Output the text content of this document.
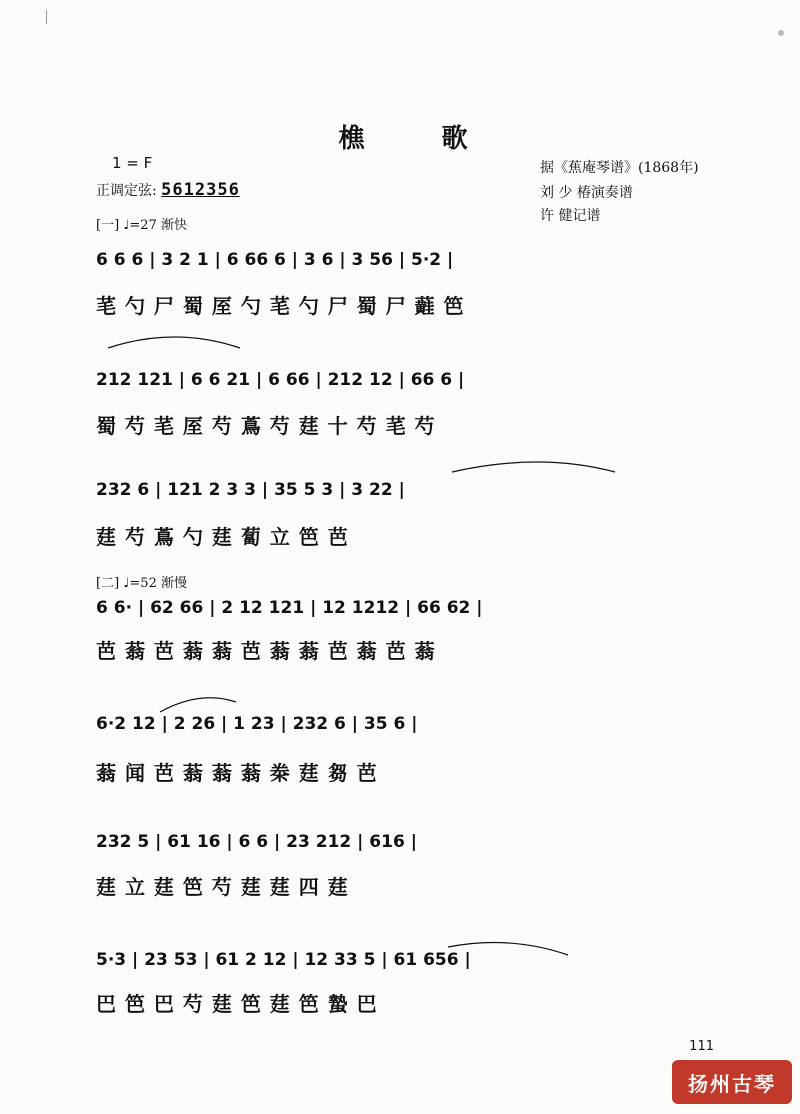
樵 歌
1 = F
正调定弦: 5612356
据《蕉庵琴谱》(1868年)
刘 少 椿演奏谱
许 健记谱
[一] ♩=27 渐快
6 6 6 | 3 2 1 | 6 66 6 | 3 6 | 3 56 | 5·2 |
芼 勺 尸 蜀 厔 勺 芼 勺 尸 蜀 尸 蘳 笆
212 121 | 6 6 21 | 6 66 | 212 12 | 66 6 |
蜀 芍 芼 厔 芍 蔦 芍 莛 十 芍 芼 芍
232 6 | 121 2 3 3 | 35 5 3 | 3 22 |
莛 芍 蔦 勺 莛 蔔 立 笆 芭
[二] ♩=52 渐慢
6 6· | 62 66 | 2 12 121 | 12 1212 | 66 62 |
芭 蓊 芭 蓊 蓊 芭 蓊 蓊 芭 蓊 芭 蓊
6·2 12 | 2 26 | 1 23 | 232 6 | 35 6 |
蓊 闻 芭 蓊 蓊 蓊 桊 莛 芻 芭
232 5 | 61 16 | 6 6 | 23 212 | 616 |
莛 立 莛 笆 芍 莛 莛 四 莛
5·3 | 23 53 | 61 2 12 | 12 33 5 | 61 656 |
巴 笆 巴 芍 莛 笆 莛 笆 蟄 巴
111
扬州古琴
